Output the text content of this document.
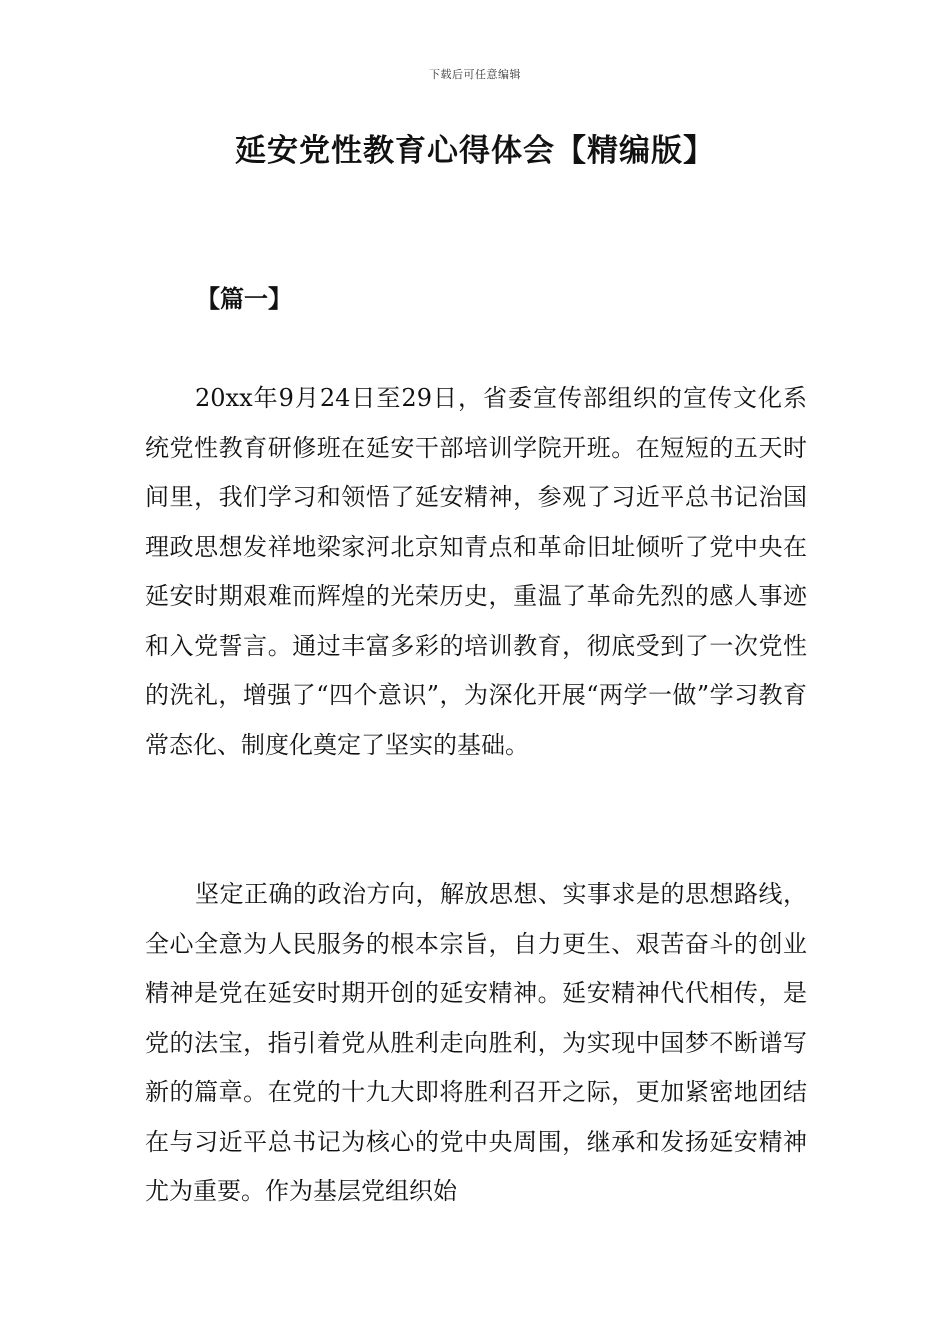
下载后可任意编辑
延安党性教育心得体会【精编版】
【篇一】

20xx年9月24日至29日，省委宣传部组织的宣传文化系统党性教育研修班在延安干部培训学院开班。在短短的五天时间里，我们学习和领悟了延安精神，参观了习近平总书记治国理政思想发祥地梁家河北京知青点和革命旧址倾听了党中央在延安时期艰难而辉煌的光荣历史，重温了革命先烈的感人事迹和入党誓言。通过丰富多彩的培训教育，彻底受到了一次党性的洗礼，增强了“四个意识”，为深化开展“两学一做”学习教育常态化、制度化奠定了坚实的基础。

坚定正确的政治方向，解放思想、实事求是的思想路线，全心全意为人民服务的根本宗旨，自力更生、艰苦奋斗的创业精神是党在延安时期开创的延安精神。延安精神代代相传，是党的法宝，指引着党从胜利走向胜利，为实现中国梦不断谱写新的篇章。在党的十九大即将胜利召开之际，更加紧密地团结在与习近平总书记为核心的党中央周围，继承和发扬延安精神尤为重要。作为基层党组织始
